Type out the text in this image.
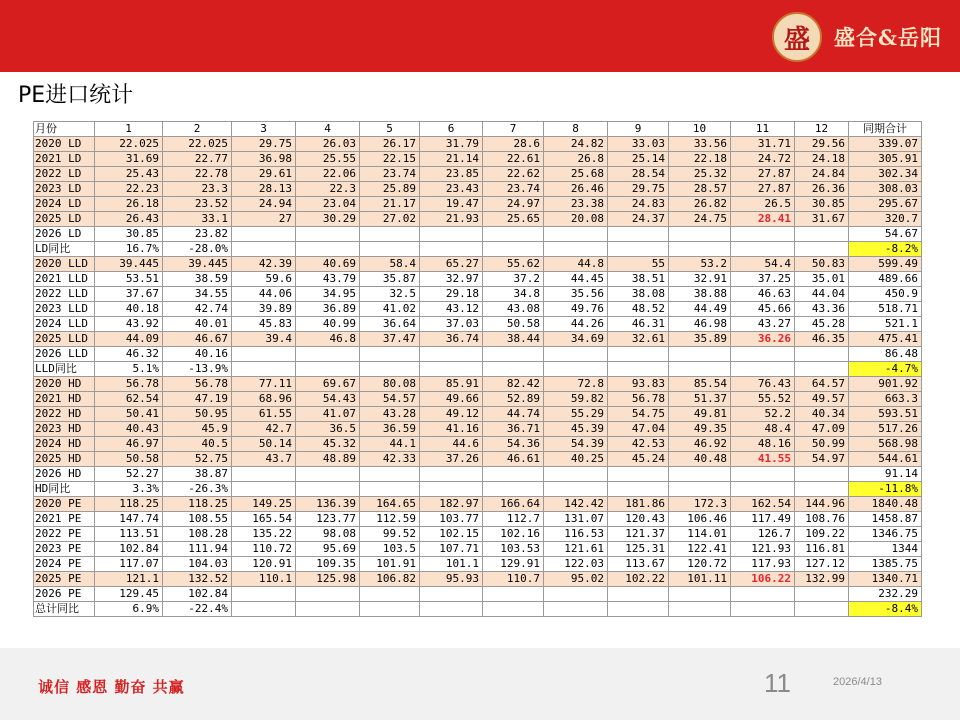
盛	盛合&岳阳
PE进口统计
月份	1	2	3	4	5	6	7	8	9	10	11	12	同期合计
2020 LD	22.025	22.025	29.75	26.03	26.17	31.79	28.6	24.82	33.03	33.56	31.71	29.56	339.07
2021 LD	31.69	22.77	36.98	25.55	22.15	21.14	22.61	26.8	25.14	22.18	24.72	24.18	305.91
2022 LD	25.43	22.78	29.61	22.06	23.74	23.85	22.62	25.68	28.54	25.32	27.87	24.84	302.34
2023 LD	22.23	23.3	28.13	22.3	25.89	23.43	23.74	26.46	29.75	28.57	27.87	26.36	308.03
2024 LD	26.18	23.52	24.94	23.04	21.17	19.47	24.97	23.38	24.83	26.82	26.5	30.85	295.67
2025 LD	26.43	33.1	27	30.29	27.02	21.93	25.65	20.08	24.37	24.75	28.41	31.67	320.7
2026 LD	30.85	23.82											54.67
LD同比	16.7%	-28.0%											-8.2%
2020 LLD	39.445	39.445	42.39	40.69	58.4	65.27	55.62	44.8	55	53.2	54.4	50.83	599.49
2021 LLD	53.51	38.59	59.6	43.79	35.87	32.97	37.2	44.45	38.51	32.91	37.25	35.01	489.66
2022 LLD	37.67	34.55	44.06	34.95	32.5	29.18	34.8	35.56	38.08	38.88	46.63	44.04	450.9
2023 LLD	40.18	42.74	39.89	36.89	41.02	43.12	43.08	49.76	48.52	44.49	45.66	43.36	518.71
2024 LLD	43.92	40.01	45.83	40.99	36.64	37.03	50.58	44.26	46.31	46.98	43.27	45.28	521.1
2025 LLD	44.09	46.67	39.4	46.8	37.47	36.74	38.44	34.69	32.61	35.89	36.26	46.35	475.41
2026 LLD	46.32	40.16											86.48
LLD同比	5.1%	-13.9%											-4.7%
2020 HD	56.78	56.78	77.11	69.67	80.08	85.91	82.42	72.8	93.83	85.54	76.43	64.57	901.92
2021 HD	62.54	47.19	68.96	54.43	54.57	49.66	52.89	59.82	56.78	51.37	55.52	49.57	663.3
2022 HD	50.41	50.95	61.55	41.07	43.28	49.12	44.74	55.29	54.75	49.81	52.2	40.34	593.51
2023 HD	40.43	45.9	42.7	36.5	36.59	41.16	36.71	45.39	47.04	49.35	48.4	47.09	517.26
2024 HD	46.97	40.5	50.14	45.32	44.1	44.6	54.36	54.39	42.53	46.92	48.16	50.99	568.98
2025 HD	50.58	52.75	43.7	48.89	42.33	37.26	46.61	40.25	45.24	40.48	41.55	54.97	544.61
2026 HD	52.27	38.87											91.14
HD同比	3.3%	-26.3%											-11.8%
2020 PE	118.25	118.25	149.25	136.39	164.65	182.97	166.64	142.42	181.86	172.3	162.54	144.96	1840.48
2021 PE	147.74	108.55	165.54	123.77	112.59	103.77	112.7	131.07	120.43	106.46	117.49	108.76	1458.87
2022 PE	113.51	108.28	135.22	98.08	99.52	102.15	102.16	116.53	121.37	114.01	126.7	109.22	1346.75
2023 PE	102.84	111.94	110.72	95.69	103.5	107.71	103.53	121.61	125.31	122.41	121.93	116.81	1344
2024 PE	117.07	104.03	120.91	109.35	101.91	101.1	129.91	122.03	113.67	120.72	117.93	127.12	1385.75
2025 PE	121.1	132.52	110.1	125.98	106.82	95.93	110.7	95.02	102.22	101.11	106.22	132.99	1340.71
2026 PE	129.45	102.84											232.29
总计同比	6.9%	-22.4%											-8.4%
诚信 感恩 勤奋 共赢	11	2026/4/13
